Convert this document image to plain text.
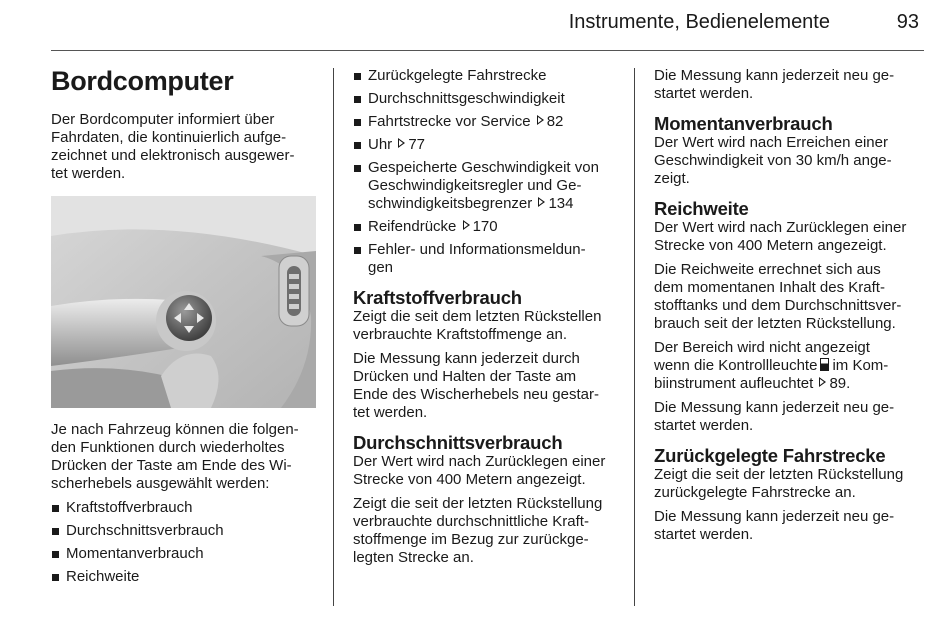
Instrumente, Bedienelemente	93
Bordcomputer

Der Bordcomputer informiert über
Fahrdaten, die kontinuierlich aufge-
zeichnet und elektronisch ausgewer-
tet werden.

Je nach Fahrzeug können die folgen-
den Funktionen durch wiederholtes
Drücken der Taste am Ende des Wi-
scherhebels ausgewählt werden:

Kraftstoffverbrauch
Durchschnittsverbrauch
Momentanverbrauch
Reichweite
Zurückgelegte Fahrstrecke
Durchschnittsgeschwindigkeit
Fahrtstrecke vor Service 82
Uhr 77
Gespeicherte Geschwindigkeit von
Geschwindigkeitsregler und Ge-
schwindigkeitsbegrenzer 134
Reifendrücke 170
Fehler- und Informationsmeldun-
gen
Kraftstoffverbrauch

Zeigt die seit dem letzten Rückstellen
verbrauchte Kraftstoffmenge an.

Die Messung kann jederzeit durch
Drücken und Halten der Taste am
Ende des Wischerhebels neu gestar-
tet werden.

Durchschnittsverbrauch

Der Wert wird nach Zurücklegen einer
Strecke von 400 Metern angezeigt.

Zeigt die seit der letzten Rückstellung
verbrauchte durchschnittliche Kraft-
stoffmenge im Bezug zur zurückge-
legten Strecke an.

Die Messung kann jederzeit neu ge-
startet werden.

Momentanverbrauch

Der Wert wird nach Erreichen einer
Geschwindigkeit von 30 km/h ange-
zeigt.

Reichweite

Der Wert wird nach Zurücklegen einer
Strecke von 400 Metern angezeigt.

Die Reichweite errechnet sich aus
dem momentanen Inhalt des Kraft-
stofftanks und dem Durchschnittsver-
brauch seit der letzten Rückstellung.

Der Bereich wird nicht angezeigt
wenn die Kontrollleuchte im Kom-
biinstrument aufleuchtet 89.

Die Messung kann jederzeit neu ge-
startet werden.

Zurückgelegte Fahrstrecke

Zeigt die seit der letzten Rückstellung
zurückgelegte Fahrstrecke an.

Die Messung kann jederzeit neu ge-
startet werden.
